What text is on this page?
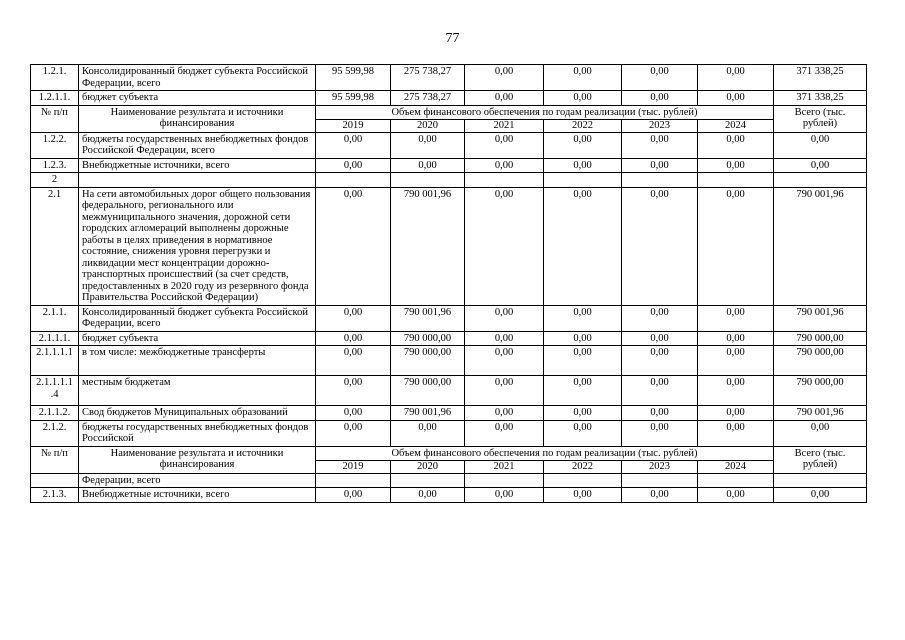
77
1.2.1.	Консолидированный бюджет субъекта Российской Федерации, всего	95 599,98	275 738,27	0,00	0,00	0,00	0,00	371 338,25
1.2.1.1.	бюджет субъекта	95 599,98	275 738,27	0,00	0,00	0,00	0,00	371 338,25
№ п/п	Наименование результата и источники финансирования	Объем финансового обеспечения по годам реализации (тыс. рублей)						Всего (тыс. рублей)
		2019	2020	2021	2022	2023	2024	
1.2.2.	бюджеты государственных внебюджетных фондов Российской Федерации, всего	0,00	0,00	0,00	0,00	0,00	0,00	0,00
1.2.3.	Внебюджетные источники, всего	0,00	0,00	0,00	0,00	0,00	0,00	0,00
2								
2.1	На сети автомобильных дорог общего пользования федерального, регионального или межмуниципального значения, дорожной сети городских агломераций выполнены дорожные работы в целях приведения в нормативное состояние, снижения уровня перегрузки и ликвидации мест концентрации дорожно-транспортных происшествий (за счет средств, предоставленных в 2020 году из резервного фонда Правительства Российской Федерации)	0,00	790 001,96	0,00	0,00	0,00	0,00	790 001,96
2.1.1.	Консолидированный бюджет субъекта Российской Федерации, всего	0,00	790 001,96	0,00	0,00	0,00	0,00	790 001,96
2.1.1.1.	бюджет субъекта	0,00	790 000,00	0,00	0,00	0,00	0,00	790 000,00
2.1.1.1.1	в том числе: межбюджетные трансферты	0,00	790 000,00	0,00	0,00	0,00	0,00	790 000,00
2.1.1.1.1 .4	местным бюджетам	0,00	790 000,00	0,00	0,00	0,00	0,00	790 000,00
2.1.1.2.	Свод бюджетов Муниципальных образований	0,00	790 001,96	0,00	0,00	0,00	0,00	790 001,96
2.1.2.	бюджеты государственных внебюджетных фондов Российской	0,00	0,00	0,00	0,00	0,00	0,00	0,00
№ п/п	Наименование результата и источники финансирования	Объем финансового обеспечения по годам реализации (тыс. рублей)						Всего (тыс. рублей)
		2019	2020	2021	2022	2023	2024	
	Федерации, всего							
2.1.3.	Внебюджетные источники, всего	0,00	0,00	0,00	0,00	0,00	0,00	0,00
